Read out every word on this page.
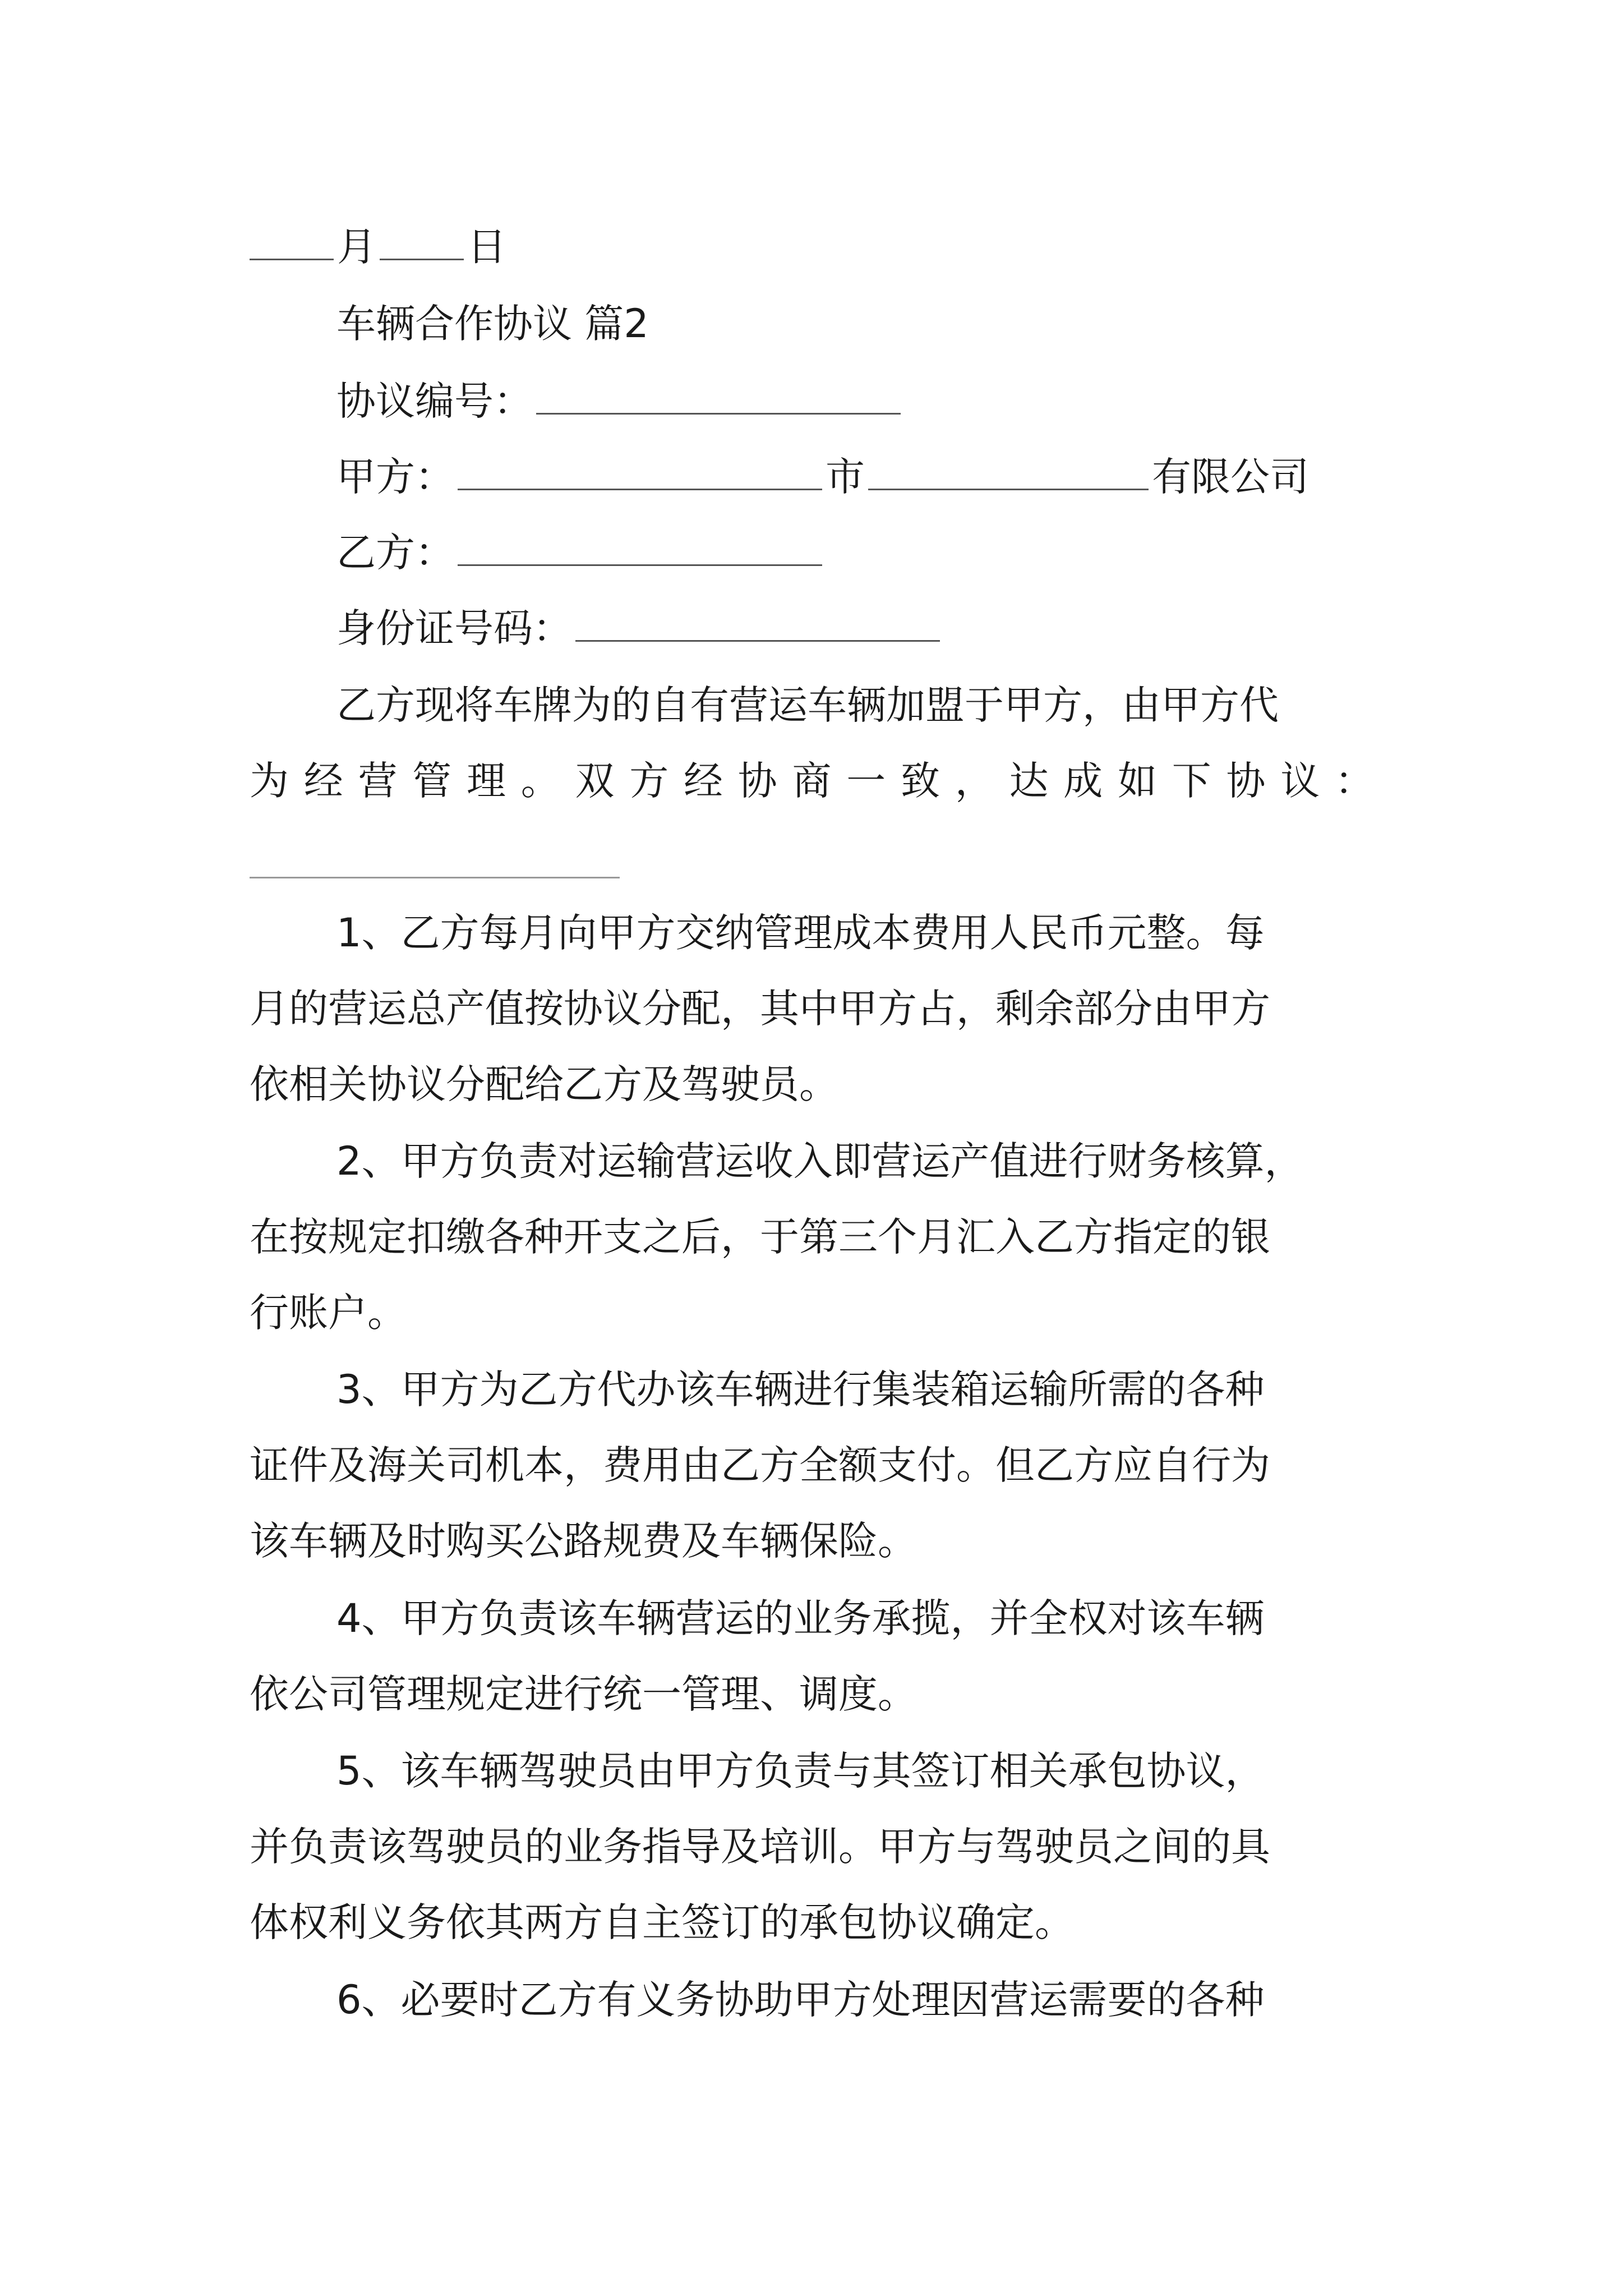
月 日
车辆合作协议 篇2
协议编号：
甲方：	市	有限公司
乙方：
身份证号码：
乙方现将车牌为的自有营运车辆加盟于甲方，由甲方代
为经营管理。双方经协商一致，达成如下协议：
1、乙方每月向甲方交纳管理成本费用人民币元整。每
月的营运总产值按协议分配，其中甲方占，剩余部分由甲方
依相关协议分配给乙方及驾驶员。
2、甲方负责对运输营运收入即营运产值进行财务核算，
在按规定扣缴各种开支之后，于第三个月汇入乙方指定的银
行账户。
3、甲方为乙方代办该车辆进行集装箱运输所需的各种
证件及海关司机本，费用由乙方全额支付。但乙方应自行为
该车辆及时购买公路规费及车辆保险。
4、甲方负责该车辆营运的业务承揽，并全权对该车辆
依公司管理规定进行统一管理、调度。
5、该车辆驾驶员由甲方负责与其签订相关承包协议，
并负责该驾驶员的业务指导及培训。甲方与驾驶员之间的具
体权利义务依其两方自主签订的承包协议确定。
6、必要时乙方有义务协助甲方处理因营运需要的各种
